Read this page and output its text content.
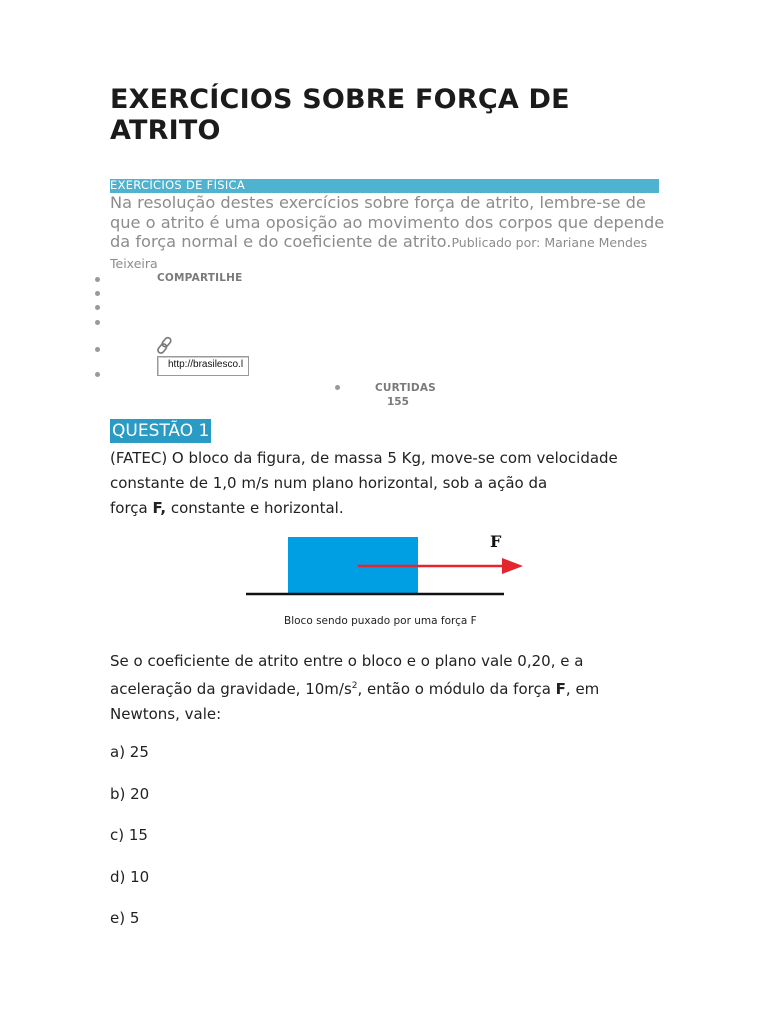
EXERCÍCIOS SOBRE FORÇA DE ATRITO
EXERCÍCIOS DE FÍSICA
Na resolução destes exercícios sobre força de atrito, lembre-se de que o atrito é uma oposição ao movimento dos corpos que depende da força normal e do coeficiente de atrito.Publicado por: Mariane Mendes Teixeira
COMPARTILHE
http://brasilesco.l
CURTIDAS
155
QUESTÃO 1
(FATEC) O bloco da figura, de massa 5 Kg, move-se com velocidade
constante de 1,0 m/s num plano horizontal, sob a ação da
força F, constante e horizontal.
F
Bloco sendo puxado por uma força F
Se o coeficiente de atrito entre o bloco e o plano vale 0,20, e a
aceleração da gravidade, $10m/s^2$, então o módulo da força F, em
Newtons, vale:
a) 25
b) 20
c) 15
d) 10
e) 5
